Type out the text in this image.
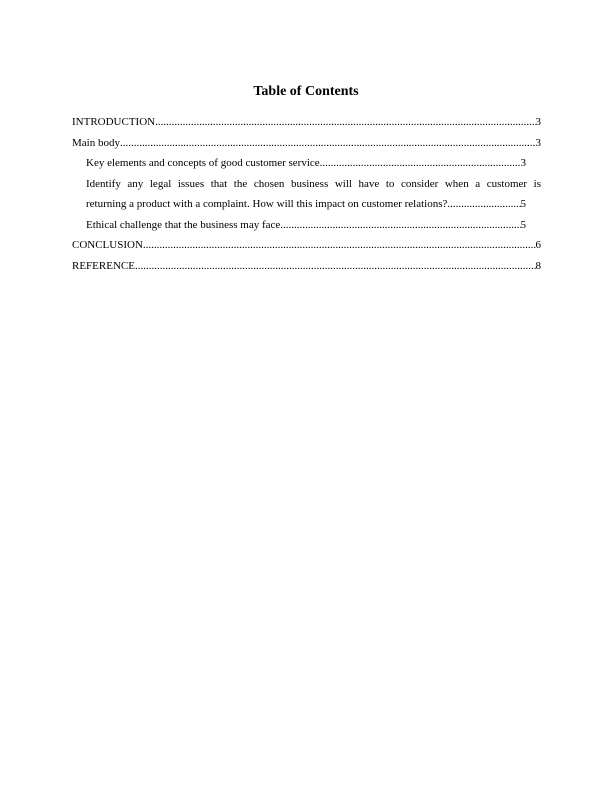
Table of Contents
INTRODUCTION .....	3
Main body .....	3
Key elements and concepts of good customer service .....	3
Identify any legal issues that the chosen business will have to consider when a customer is
returning a product with a complaint. How will this impact on customer relations? .....	5
Ethical challenge that the business may face .....	5
CONCLUSION .....	6
REFERENCE .....	8
